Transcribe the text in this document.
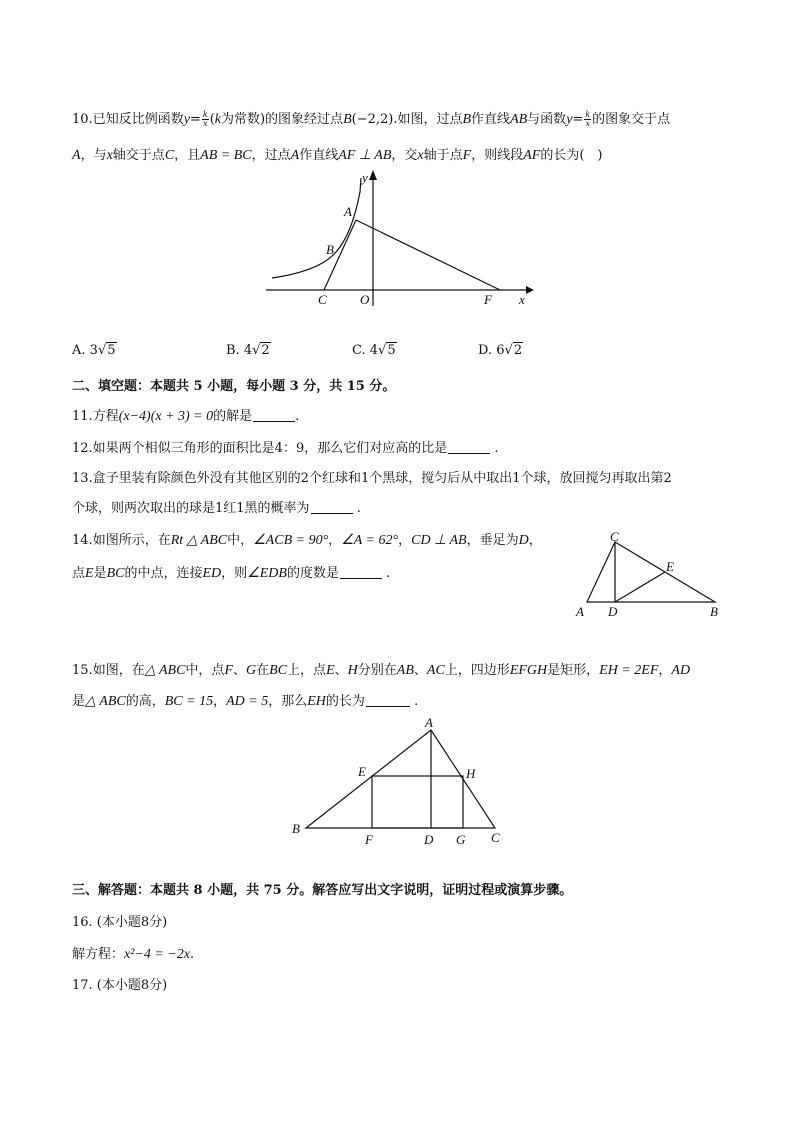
10.已知反比例函数$y= \frac{k}{x} (k$为常数)的图象经过点B(−2,2).如图，过点B作直线AB与函数$y= \frac{k}{x}$ 的图象交于点
A，与x轴交于点C，且AB = BC，过点A作直线AF ⊥ AB，交x轴于点F，则线段AF的长为(　)
y
A
B
C	O	F x
A. 3√5	B. 4√2	C. 4√5	D. 6√2
二、填空题：本题共 5 小题，每小题 3 分，共 15 分。
11.方程(x−4)(x + 3) = 0的解是	.
12.如果两个相似三角形的面积比是4：9，那么它们对应高的比是	.
13.盒子里装有除颜色外没有其他区别的2个红球和1个黑球，搅匀后从中取出1个球，放回搅匀再取出第2
个球，则两次取出的球是1红1黑的概率为	.
14.如图所示，在Rt △ ABC中，∠ACB = 90°，∠A = 62°，CD ⊥ AB，垂足为D，
点E是BC的中点，连接ED，则∠EDB的度数是	.
C
E
A D	B
15.如图，在△ ABC中，点F、G在BC上，点E、H分别在AB、AC上，四边形EFGH是矩形，EH = 2EF，AD
是△ ABC的高，BC = 15，AD = 5，那么EH的长为	.
A
E	H
B
F	D G C
三、解答题：本题共 8 小题，共 75 分。解答应写出文字说明，证明过程或演算步骤。
16. (本小题8分)
解方程：x²−4 = −2x.
17. (本小题8分)
